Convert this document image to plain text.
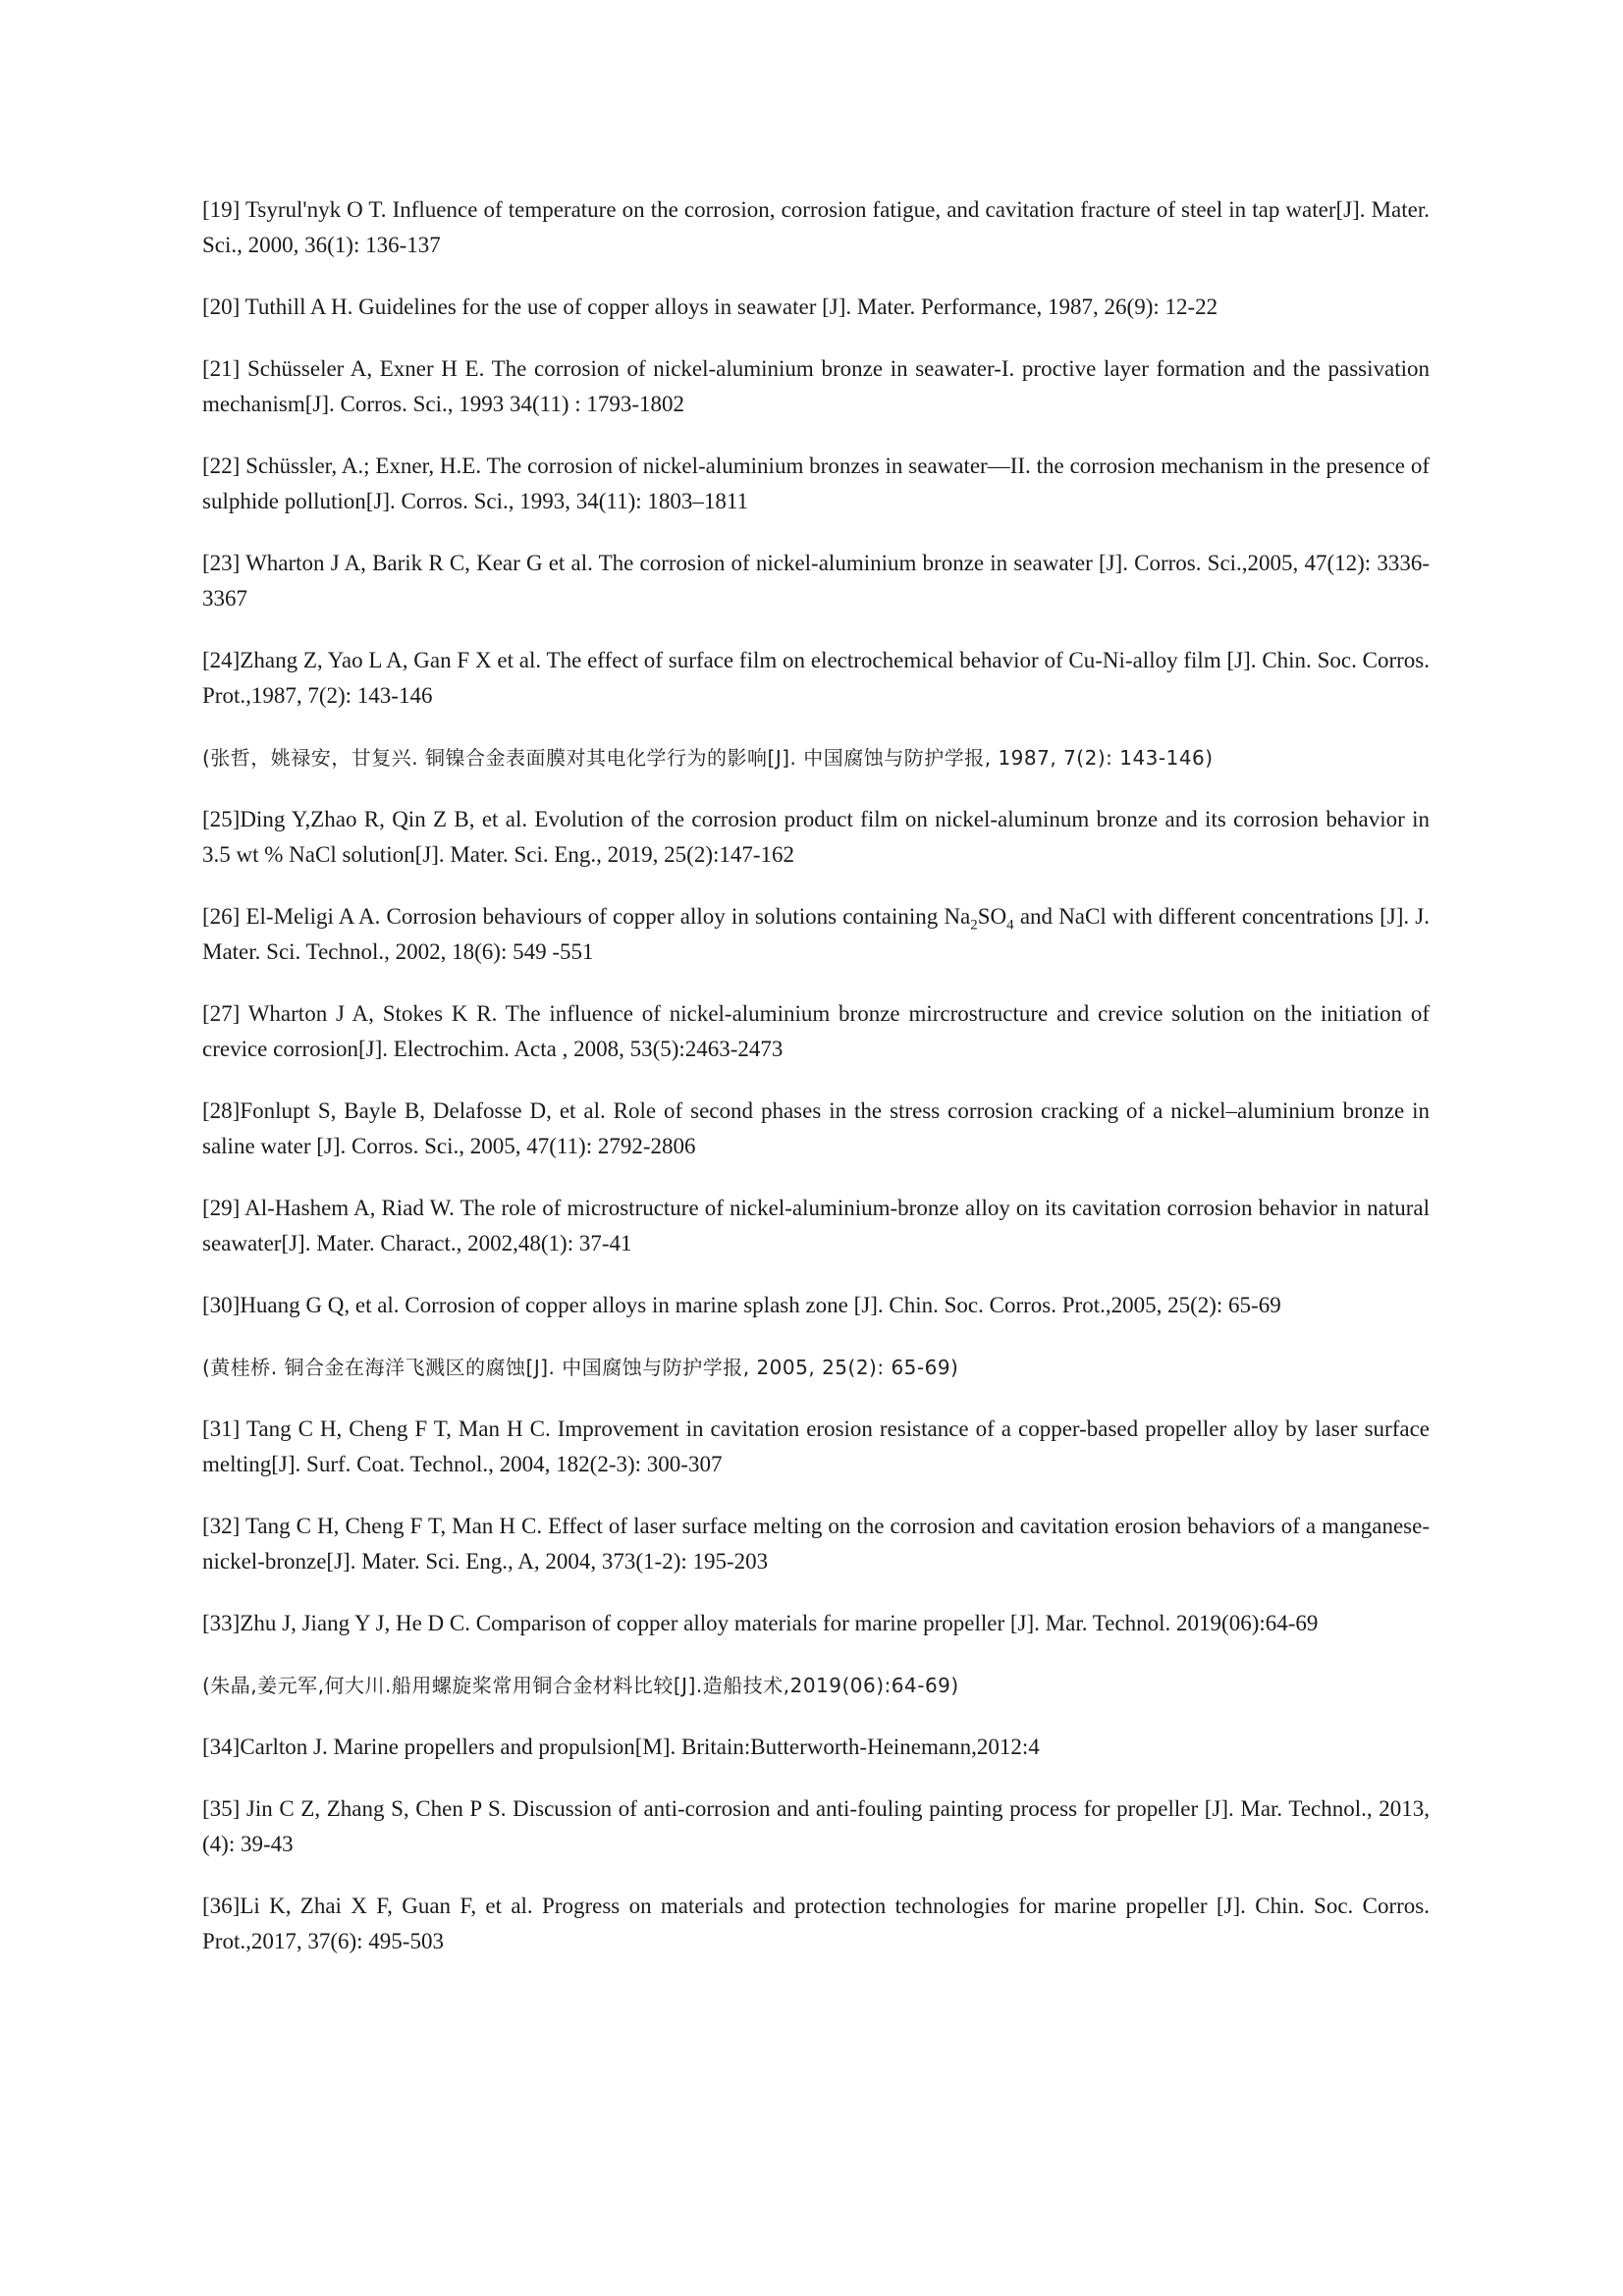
[19] Tsyrul'nyk O T. Influence of temperature on the corrosion, corrosion fatigue, and cavitation fracture of steel in tap water[J]. Mater. Sci., 2000, 36(1): 136-137

[20] Tuthill A H. Guidelines for the use of copper alloys in seawater [J]. Mater. Performance, 1987, 26(9): 12-22

[21] Schüsseler A, Exner H E. The corrosion of nickel-aluminium bronze in seawater-I. proctive layer formation and the passivation mechanism[J]. Corros. Sci., 1993 34(11) : 1793-1802

[22] Schüssler, A.; Exner, H.E. The corrosion of nickel-aluminium bronzes in seawater—II. the corrosion mechanism in the presence of sulphide pollution[J]. Corros. Sci., 1993, 34(11): 1803–1811

[23] Wharton J A, Barik R C, Kear G et al. The corrosion of nickel-aluminium bronze in seawater [J]. Corros. Sci.,2005, 47(12): 3336-3367

[24]Zhang Z, Yao L A, Gan F X et al. The effect of surface film on electrochemical behavior of Cu-Ni-alloy film [J]. Chin. Soc. Corros. Prot.,1987, 7(2): 143-146

(张哲，姚禄安，甘复兴. 铜镍合金表面膜对其电化学行为的影响[J]. 中国腐蚀与防护学报, 1987, 7(2): 143-146)

[25]Ding Y,Zhao R, Qin Z B, et al. Evolution of the corrosion product film on nickel-aluminum bronze and its corrosion behavior in 3.5 wt % NaCl solution[J]. Mater. Sci. Eng., 2019, 25(2):147-162

[26] El-Meligi A A. Corrosion behaviours of copper alloy in solutions containing $Na_2SO_4$ and NaCl with different concentrations [J]. J. Mater. Sci. Technol., 2002, 18(6): 549 -551

[27] Wharton J A, Stokes K R. The influence of nickel-aluminium bronze mircrostructure and crevice solution on the initiation of crevice corrosion[J]. Electrochim. Acta , 2008, 53(5):2463-2473

[28]Fonlupt S, Bayle B, Delafosse D, et al. Role of second phases in the stress corrosion cracking of a nickel–aluminium bronze in saline water [J]. Corros. Sci., 2005, 47(11): 2792-2806

[29] Al-Hashem A, Riad W. The role of microstructure of nickel-aluminium-bronze alloy on its cavitation corrosion behavior in natural seawater[J]. Mater. Charact., 2002,48(1): 37-41

[30]Huang G Q, et al. Corrosion of copper alloys in marine splash zone [J]. Chin. Soc. Corros. Prot.,2005, 25(2): 65-69

(黄桂桥. 铜合金在海洋飞溅区的腐蚀[J]. 中国腐蚀与防护学报, 2005, 25(2): 65-69)

[31] Tang C H, Cheng F T, Man H C. Improvement in cavitation erosion resistance of a copper-based propeller alloy by laser surface melting[J]. Surf. Coat. Technol., 2004, 182(2-3): 300-307

[32] Tang C H, Cheng F T, Man H C. Effect of laser surface melting on the corrosion and cavitation erosion behaviors of a manganese-nickel-bronze[J]. Mater. Sci. Eng., A, 2004, 373(1-2): 195-203

[33]Zhu J, Jiang Y J, He D C. Comparison of copper alloy materials for marine propeller [J]. Mar. Technol. 2019(06):64-69

(朱晶,姜元军,何大川.船用螺旋桨常用铜合金材料比较[J].造船技术,2019(06):64-69)

[34]Carlton J. Marine propellers and propulsion[M]. Britain:Butterworth-Heinemann,2012:4

[35] Jin C Z, Zhang S, Chen P S. Discussion of anti-corrosion and anti-fouling painting process for propeller [J]. Mar. Technol., 2013,(4): 39-43

[36]Li K, Zhai X F, Guan F, et al. Progress on materials and protection technologies for marine propeller [J]. Chin. Soc. Corros. Prot.,2017, 37(6): 495-503
